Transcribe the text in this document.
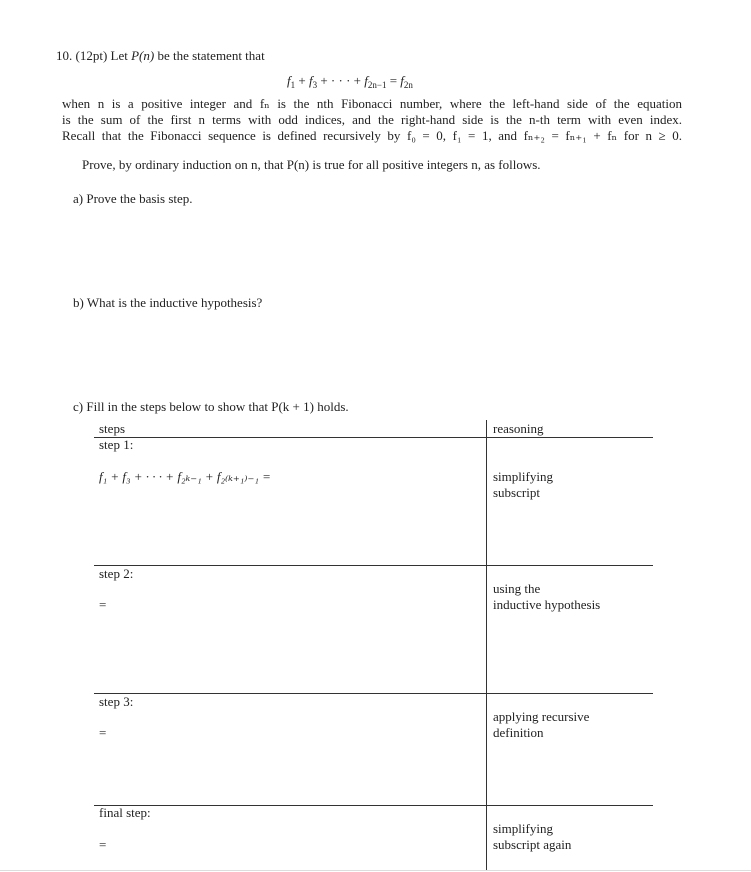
10. (12pt) Let P(n) be the statement that
$f_1 + f_3$ + · · · + $f_{2n-1} = f_{2n}$
when n is a positive integer and fₙ is the nth Fibonacci number, where the left-hand side of the equation
is the sum of the first n terms with odd indices, and the right-hand side is the n-th term with even index.
Recall that the Fibonacci sequence is defined recursively by f₀ = 0, f₁ = 1, and fₙ₊₂ = fₙ₊₁ + fₙ for n ≥ 0.
Prove, by ordinary induction on n, that P(n) is true for all positive integers n, as follows.
a) Prove the basis step.
b) What is the inductive hypothesis?
c) Fill in the steps below to show that P(k + 1) holds.
steps	reasoning
step 1:
f₁ + f₃ + · · · + f₂ₖ₋₁ + f₂₍ₖ₊₁₎₋₁ =	simplifying
subscript
step 2:
=
using the
inductive hypothesis
step 3:
=
applying recursive
definition
final step:
=
simplifying
subscript again
